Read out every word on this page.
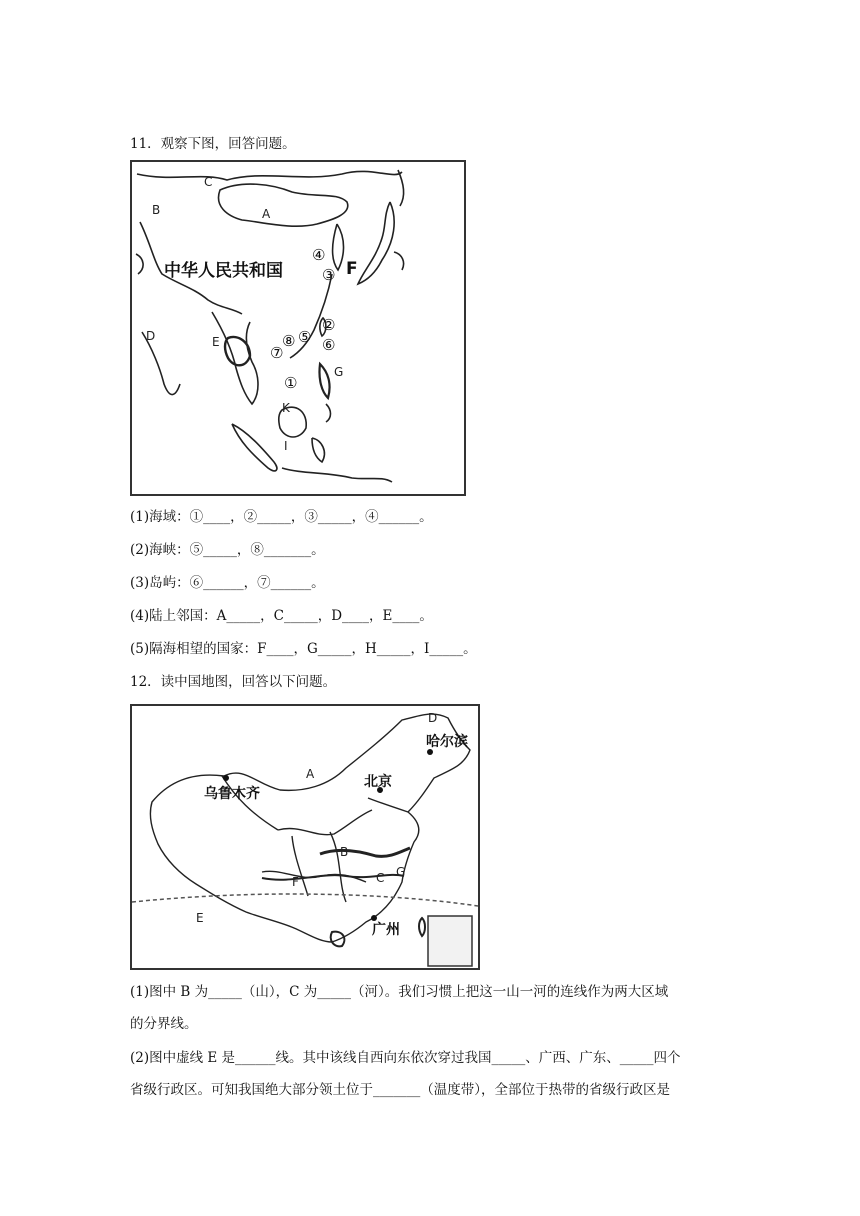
11．观察下图，回答问题。
C
B	A
D	E
F
G
K
I
中华人民共和国
①
②
③
④
⑤ ⑥
⑦
⑧
(1)海域：①____，②_____，③_____，④______。
(2)海峡：⑤_____，⑧_______。
(3)岛屿：⑥______，⑦______。
(4)陆上邻国：A_____，C_____，D____，E____。
(5)隔海相望的国家：F____，G_____，H_____，I_____。
12．读中国地图，回答以下问题。
D
A
B
C
F
G
E
哈尔滨
乌鲁木齐
北京
广州
(1)图中 B 为_____（山），C 为_____（河）。我们习惯上把这一山一河的连线作为两大区域
的分界线。
(2)图中虚线 E 是______线。其中该线自西向东依次穿过我国_____、广西、广东、_____四个
省级行政区。可知我国绝大部分领土位于_______（温度带），全部位于热带的省级行政区是
